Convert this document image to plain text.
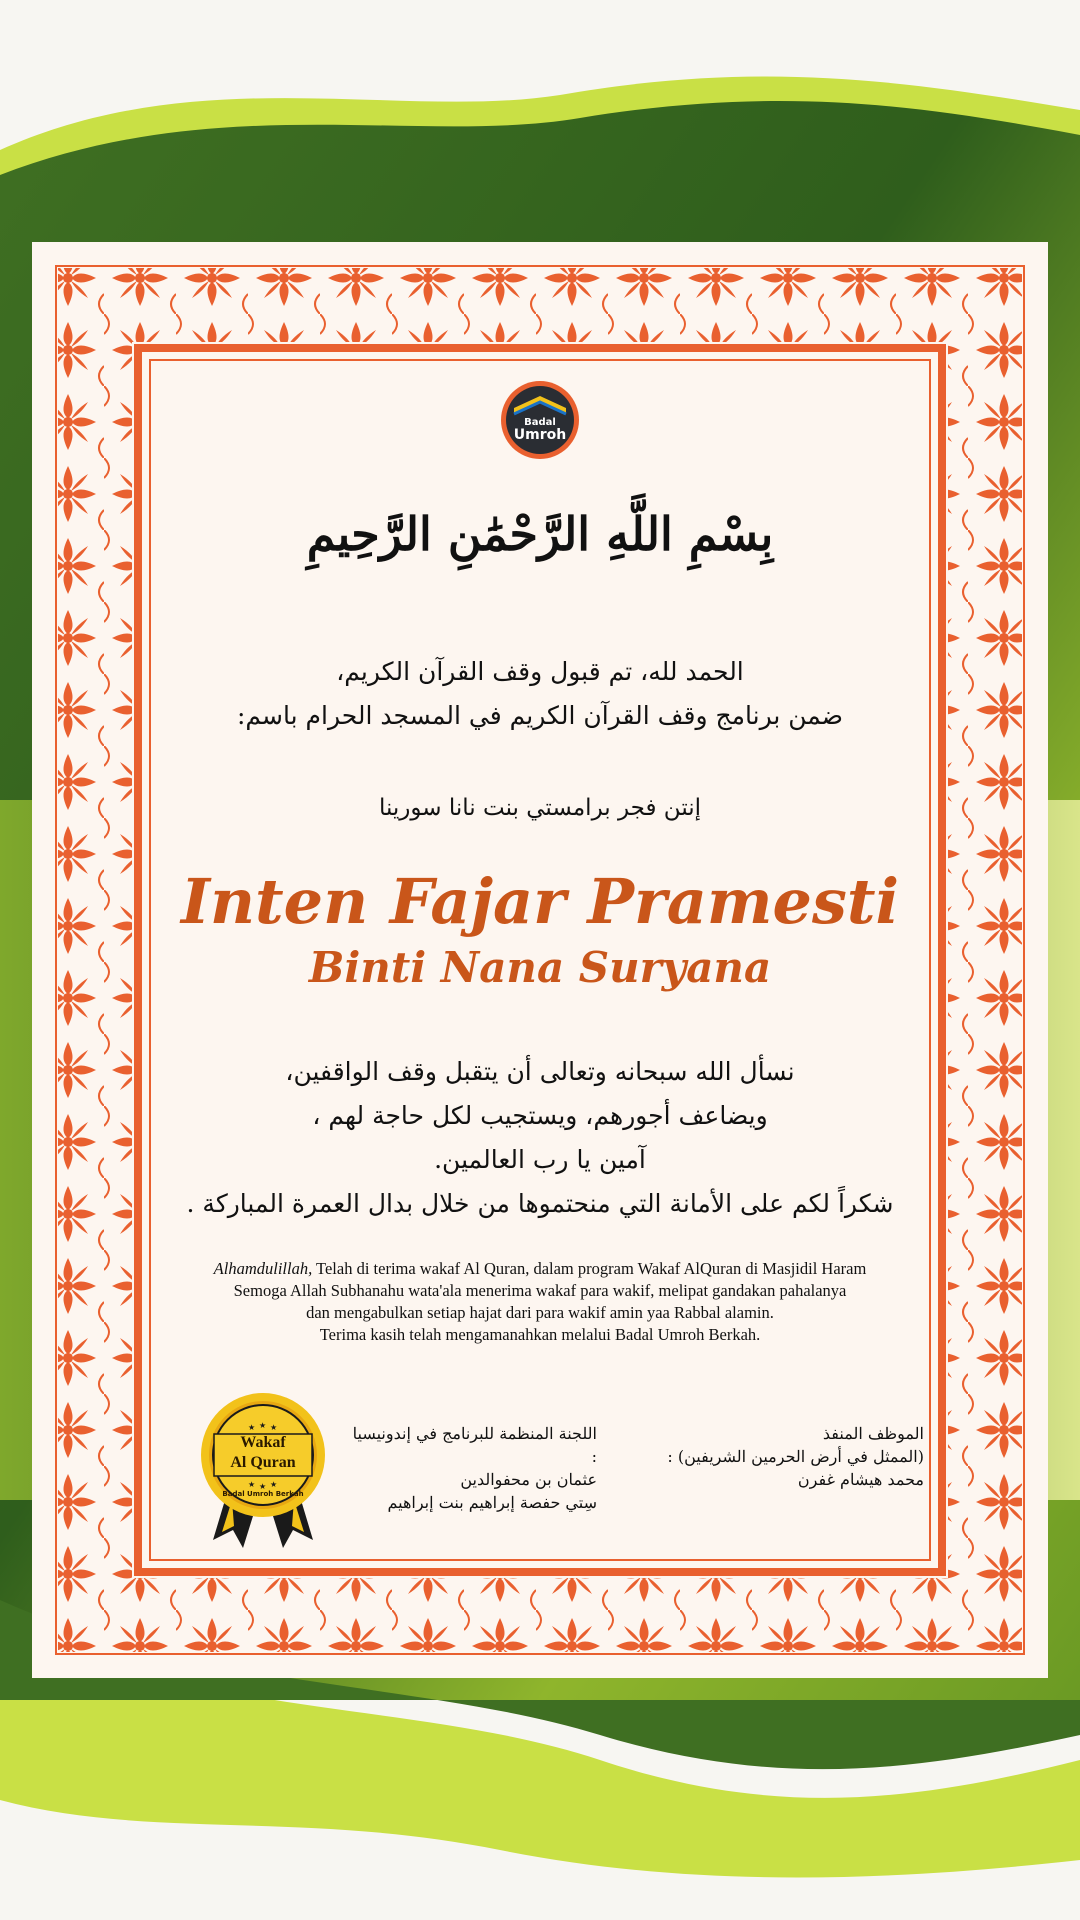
Badal
Umroh
بِسْمِ اللَّهِ الرَّحْمَٰنِ الرَّحِيمِ
الحمد لله، تم قبول وقف القرآن الكريم،
ضمن برنامج وقف القرآن الكريم في المسجد الحرام باسم:
إنتن فجر برامستي بنت نانا سورينا
Inten Fajar Pramesti
Binti Nana Suryana
نسأل الله سبحانه وتعالى أن يتقبل وقف الواقفين،
ويضاعف أجورهم، ويستجيب لكل حاجة لهم ،
آمين يا رب العالمين.
شكراً لكم على الأمانة التي منحتموها من خلال بدال العمرة المباركة .
Alhamdulillah, Telah di terima wakaf Al Quran, dalam program Wakaf AlQuran di Masjidil Haram
Semoga Allah Subhanahu wata'ala menerima wakaf para wakif, melipat gandakan pahalanya
dan mengabulkan setiap hajat dari para wakif amin yaa Rabbal alamin.
Terima kasih telah mengamanahkan melalui Badal Umroh Berkah.
★ ★ ★
★ ★ ★
Wakaf
Al Quran
Badal Umroh Berkah
اللجنة المنظمة للبرنامج في إندونيسيا :
عثمان بن محفوالدين
سِتي حفصة إبراهيم بنت إبراهيم
الموظف المنفذ
(الممثل في أرض الحرمين الشريفين) :
محمد هيشام غفرن
